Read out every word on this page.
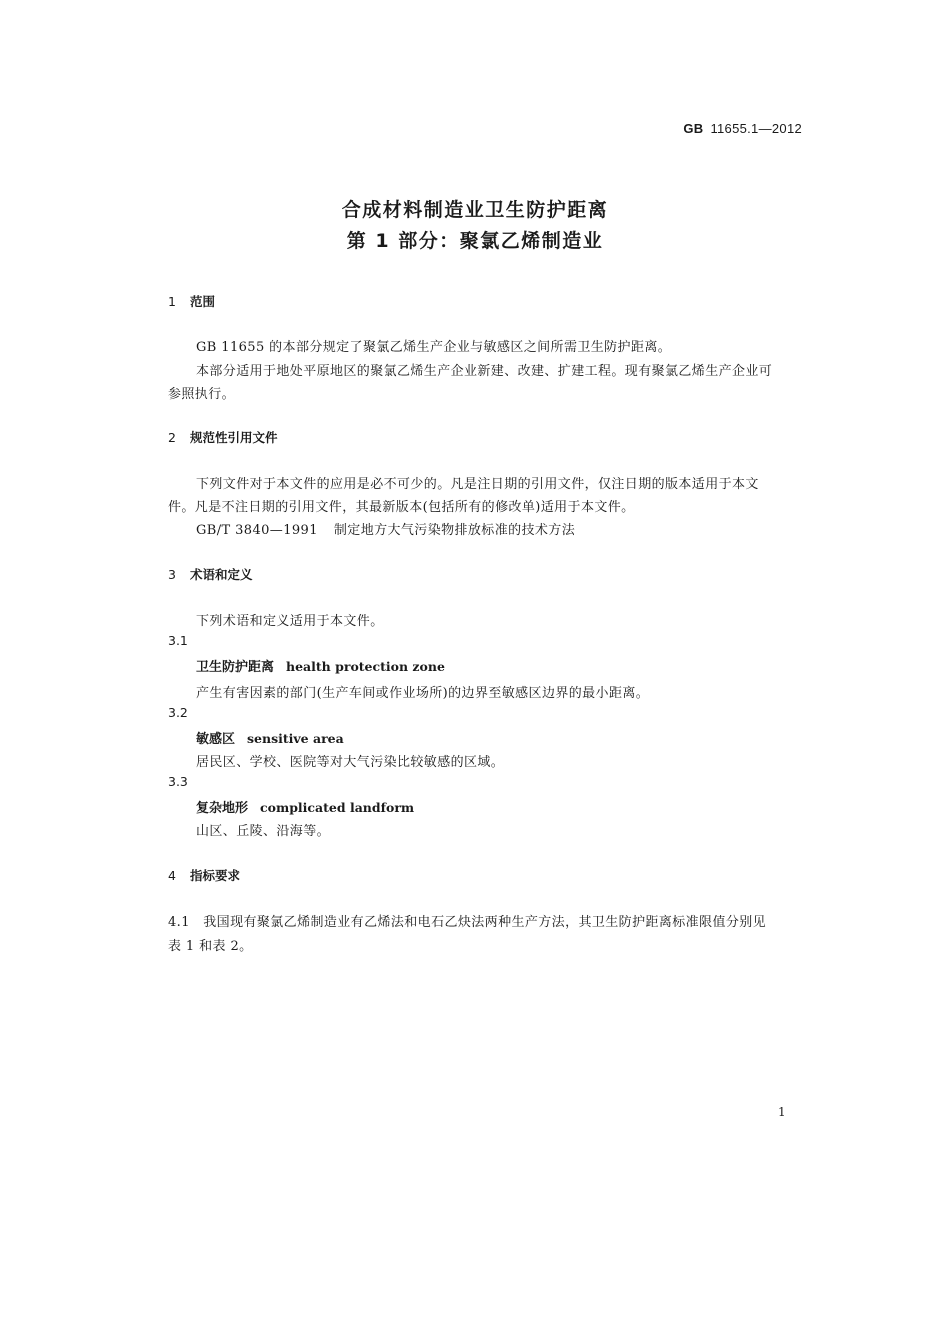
GB 11655.1—2012
合成材料制造业卫生防护距离
第 1 部分：聚氯乙烯制造业
1 范围
GB 11655 的本部分规定了聚氯乙烯生产企业与敏感区之间所需卫生防护距离。
本部分适用于地处平原地区的聚氯乙烯生产企业新建、改建、扩建工程。现有聚氯乙烯生产企业可
参照执行。
2 规范性引用文件
下列文件对于本文件的应用是必不可少的。凡是注日期的引用文件，仅注日期的版本适用于本文
件。凡是不注日期的引用文件，其最新版本(包括所有的修改单)适用于本文件。
GB/T 3840—1991 制定地方大气污染物排放标准的技术方法
3 术语和定义
下列术语和定义适用于本文件。
3.1
卫生防护距离 health protection zone
产生有害因素的部门(生产车间或作业场所)的边界至敏感区边界的最小距离。
3.2
敏感区 sensitive area
居民区、学校、医院等对大气污染比较敏感的区域。
3.3
复杂地形 complicated landform
山区、丘陵、沿海等。
4 指标要求
4.1　我国现有聚氯乙烯制造业有乙烯法和电石乙炔法两种生产方法，其卫生防护距离标准限值分别见
表 1 和表 2。
1
